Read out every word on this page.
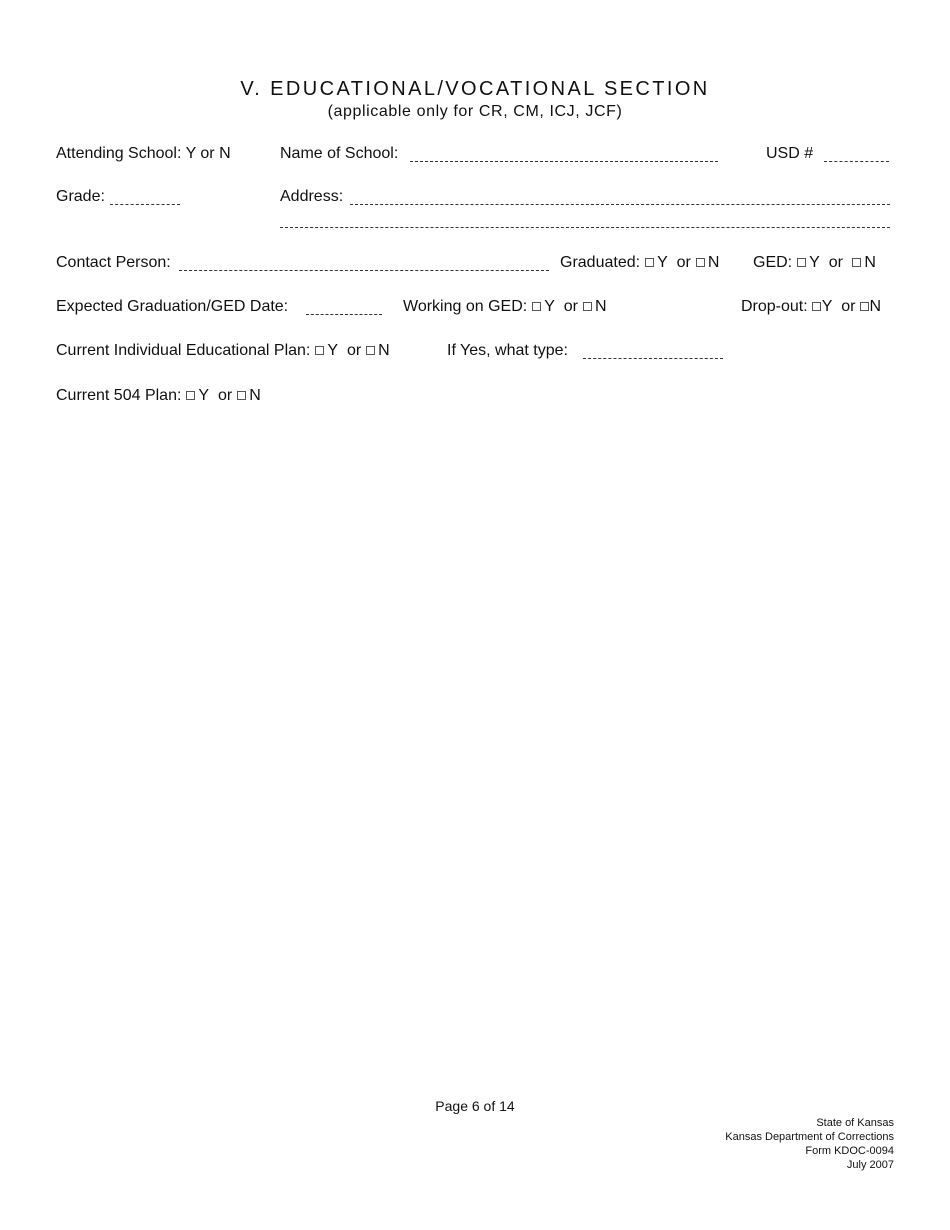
V. EDUCATIONAL/VOCATIONAL SECTION
(applicable only for CR, CM, ICJ, JCF)
Attending School: Y or N	Name of School:	USD #
Grade:	Address:
Contact Person:	Graduated: Y or N GED: Y or N
Expected Graduation/GED Date:	Working on GED: Y or N	Drop-out: Y or N
Current Individual Educational Plan: Y or N	If Yes, what type:
Current 504 Plan: Y or N
Page 6 of 14
State of Kansas
Kansas Department of Corrections
Form KDOC-0094
July 2007
